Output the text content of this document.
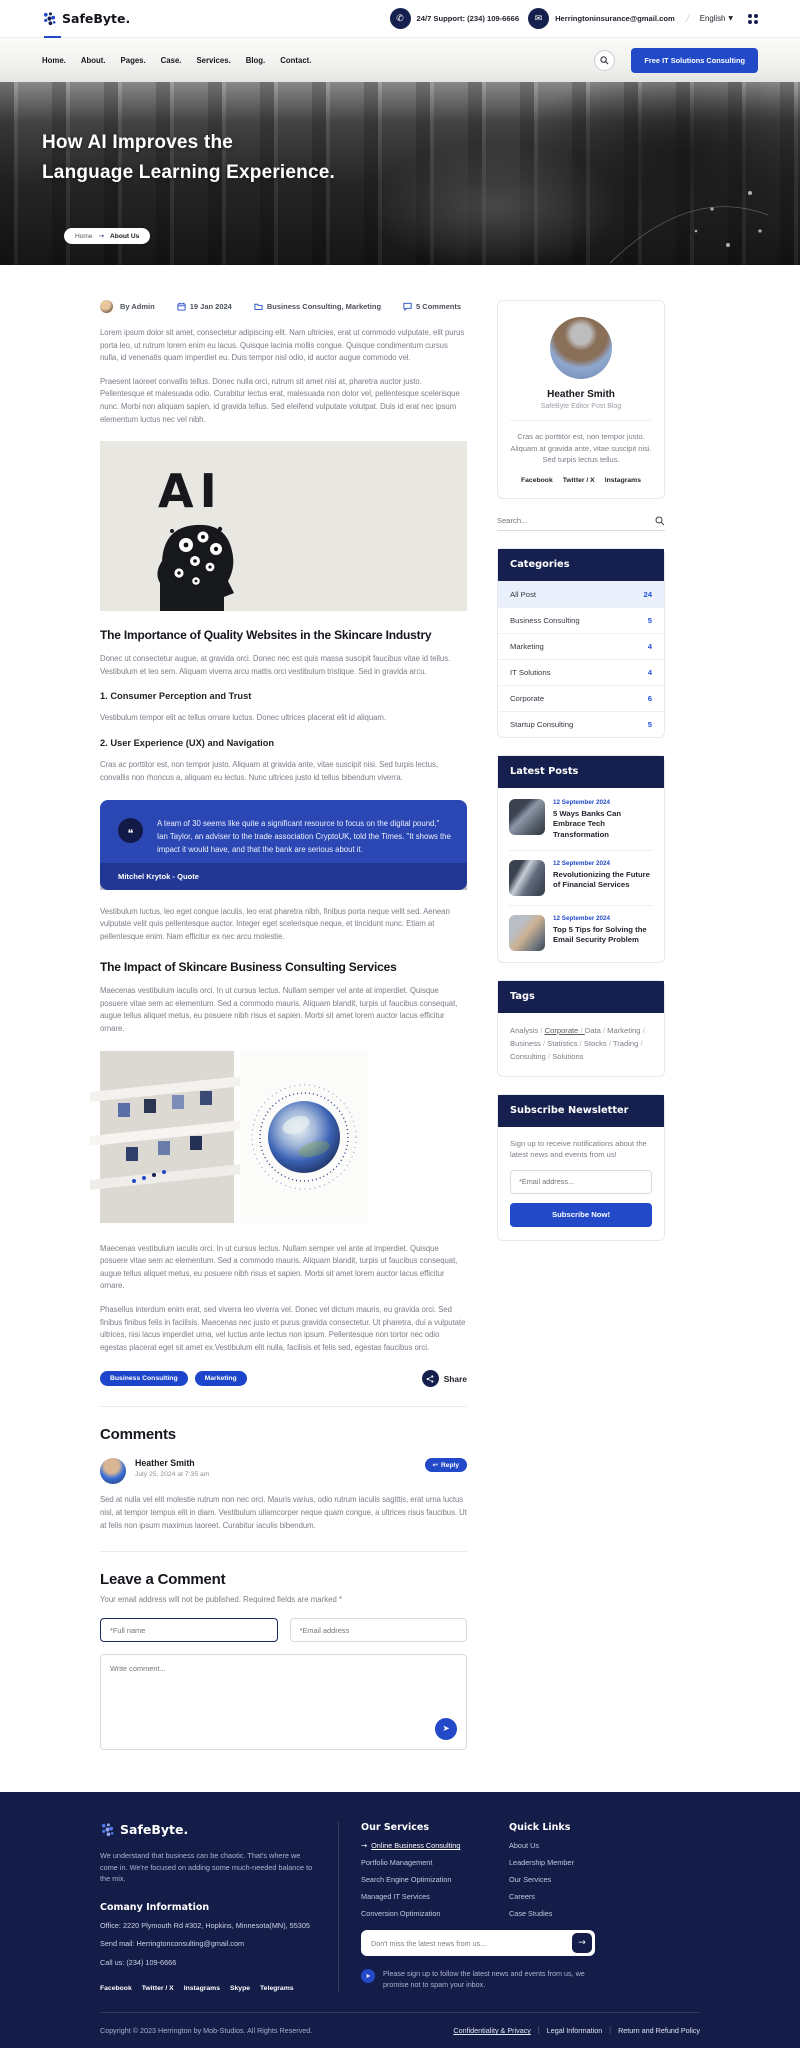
SafeByte.	✆	24/7 Support: (234) 109-6666	✉	Herringtoninsurance@gmail.com / English ▼
Home. About. Pages. Case. Services. Blog. Contact.	Free IT Solutions Consulting
How AI Improves the
Language Learning Experience.
Home → About Us
By Admin	19 Jan 2024	Business Consulting, Marketing	5 Comments

Lorem ipsum dolor sit amet, consectetur adipiscing elit. Nam ultricies, erat ut commodo vulputate, elit purus porta leo, ut rutrum lorem enim eu lacus. Quisque lacinia mollis congue. Quisque condimentum cursus nulla, id venenatis quam imperdiet eu. Duis tempor nisl odio, id auctor augue commodo vel.

Praesent laoreet convallis tellus. Donec nulla orci, rutrum sit amet nisi at, pharetra auctor justo. Pellentesque et malesuada odio. Curabitur lectus erat, malesuada non dolor vel, pellentesque scelerisque nunc. Morbi non aliquam sapien, id gravida tellus. Sed eleifend vulputate volutpat. Duis id erat nec ipsum elementum luctus nec vel nibh.

AI
The Importance of Quality Websites in the Skincare Industry

Donec ut consectetur augue, at gravida orci. Donec nec est quis massa suscipit faucibus vitae id tellus. Vestibulum et leo sem. Aliquam viverra arcu mattis orci vestibulum tristique. Sed in gravida arcu.

1. Consumer Perception and Trust

Vestibulum tempor elit ac tellus ornare luctus. Donec ultrices placerat elit id aliquam.

2. User Experience (UX) and Navigation

Cras ac porttitor est, non tempor justo. Aliquam at gravida ante, vitae suscipit nisi. Sed turpis lectus, convallis non rhoncus a, aliquam eu lectus. Nunc ultrices justo id tellus bibendum viverra.

❝
A team of 30 seems like quite a significant resource to focus on the digital pound," Ian Taylor, an adviser to the trade association CryptoUK, told the Times. "It shows the impact it would have, and that the bank are serious about it.
Mitchel Krytok - Quote

Vestibulum luctus, leo eget congue iaculis, leo erat pharetra nibh, finibus porta neque velit sed. Aenean vulputate velit quis pellentesque auctor. Integer eget scelerisque neque, et tincidunt nunc. Etiam at pellentesque enim. Nam efficitur ex nec arcu molestie.

The Impact of Skincare Business Consulting Services

Maecenas vestibulum iaculis orci. In ut cursus lectus. Nullam semper vel ante at imperdiet. Quisque posuere vitae sem ac elementum. Sed a commodo mauris. Aliquam blandit, turpis ut faucibus consequat, augue tellus aliquet metus, eu posuere nibh risus et sapien. Morbi sit amet lorem auctor lacus efficitur ornare.

Maecenas vestibulum iaculis orci. In ut cursus lectus. Nullam semper vel ante at imperdiet. Quisque posuere vitae sem ac elementum. Sed a commodo mauris. Aliquam blandit, turpis ut faucibus consequat, augue tellus aliquet metus, eu posuere nibh risus et sapien. Morbi sit amet lorem auctor lacus efficitur ornare.

Phasellus interdum enim erat, sed viverra leo viverra vel. Donec vel dictum mauris, eu gravida orci. Sed finibus finibus felis in facilisis. Maecenas nec justo et purus gravida consectetur. Ut pharetra, dui a vulputate ultrices, nisi lacus imperdiet urna, vel luctus ante lectus non ipsum. Pellentesque non tortor nec odio egestas placerat eget sit amet ex.Vestibulum elit nulla, facilisis et felis sed, egestas faucibus orci.

Business Consulting	Marketing	Share
Comments
Heather Smith
July 25, 2024 at 7:35 am
↩ Reply

Sed at nulla vel elit molestie rutrum non nec orci. Mauris varius, odio rutrum iaculis sagittis, erat urna luctus nisl, at tempor tempus elit in diam. Vestibulum ullamcorper neque quam congue, a ultrices risus faucibus. Ut at felis non ipsum maximus laoreet. Curabitur iaculis bibendum.

Leave a Comment

Your email address will not be published. Required fields are marked *

*Full name
*Email address
Write comment...
➤
Heather Smith
SafeByte Editor Post Blog

Cras ac porttitor est, non tempor justo. Aliquam at gravida ante, vitae suscipit nisi. Sed turpis lectus tellus.

Facebook Twitter / X Instagrams
Search...
Categories
All Post	24
Business Consulting	5
Marketing	4
IT Solutions	4
Corporate	6
Startup Consulting	5
Latest Posts
12 September 2024
5 Ways Banks Can Embrace Tech Transformation
12 September 2024
Revolutionizing the Future of Financial Services
12 September 2024
Top 5 Tips for Solving the Email Security Problem
Tags
Analysis / Corporate / Data / Marketing / Business / Statistics / Stocks / Trading / Consulting / Solutions
Subscribe Newsletter

Sign up to receive notifications about the latest news and events from us!

*Email address... Subscribe Now!
SafeByte.

We understand that business can be chaotic. That's where we come in. We're focused on adding some much-needed balance to the mix.

Comany Information
Office: 2220 Plymouth Rd #302, Hopkins, Minnesota(MN), 55305
Send mail: Herringtonconsulting@gmail.com
Call us: (234) 109-6666
Facebook Twitter / X Instagrams Skype Telegrams
Our Services
→ Online Business Consulting
Portfolio Management
Search Engine Optimization
Managed IT Services
Conversion Optimization
Quick Links
About Us
Leadership Member
Our Services
Careers
Case Studies
Don't miss the latest news from us...	→
➤	Please sign up to follow the latest news and events from us, we promise not to spam your inbox.
Copyright © 2023 Herrington by Mob-Studios. All Rights Reserved.	Confidentiality & Privacy | Legal Information | Return and Refund Policy
